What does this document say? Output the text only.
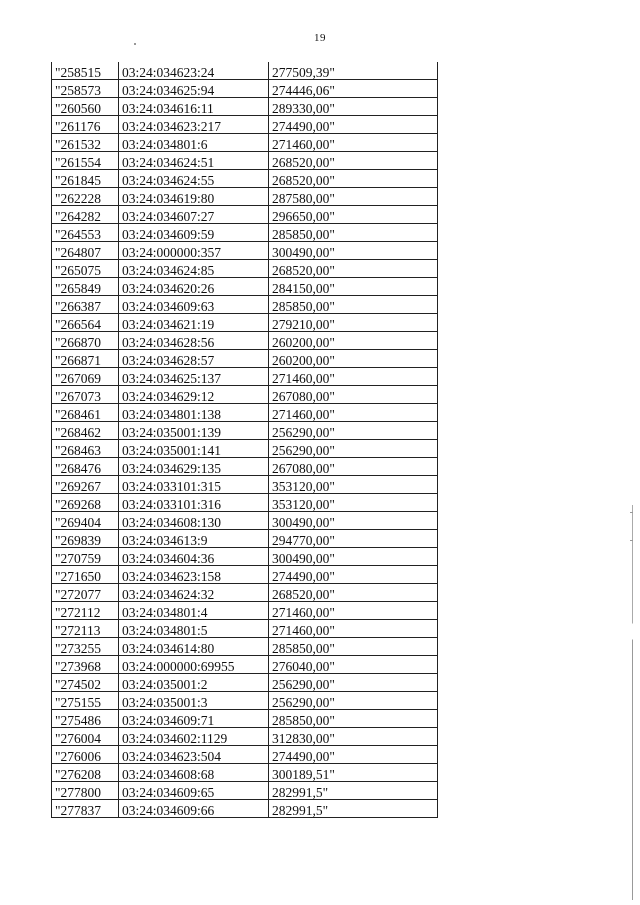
19
"258515	03:24:034623:24	277509,39"
"258573	03:24:034625:94	274446,06"
"260560	03:24:034616:11	289330,00"
"261176	03:24:034623:217	274490,00"
"261532	03:24:034801:6	271460,00"
"261554	03:24:034624:51	268520,00"
"261845	03:24:034624:55	268520,00"
"262228	03:24:034619:80	287580,00"
"264282	03:24:034607:27	296650,00"
"264553	03:24:034609:59	285850,00"
"264807	03:24:000000:357	300490,00"
"265075	03:24:034624:85	268520,00"
"265849	03:24:034620:26	284150,00"
"266387	03:24:034609:63	285850,00"
"266564	03:24:034621:19	279210,00"
"266870	03:24:034628:56	260200,00"
"266871	03:24:034628:57	260200,00"
"267069	03:24:034625:137	271460,00"
"267073	03:24:034629:12	267080,00"
"268461	03:24:034801:138	271460,00"
"268462	03:24:035001:139	256290,00"
"268463	03:24:035001:141	256290,00"
"268476	03:24:034629:135	267080,00"
"269267	03:24:033101:315	353120,00"
"269268	03:24:033101:316	353120,00"
"269404	03:24:034608:130	300490,00"
"269839	03:24:034613:9	294770,00"
"270759	03:24:034604:36	300490,00"
"271650	03:24:034623:158	274490,00"
"272077	03:24:034624:32	268520,00"
"272112	03:24:034801:4	271460,00"
"272113	03:24:034801:5	271460,00"
"273255	03:24:034614:80	285850,00"
"273968	03:24:000000:69955	276040,00"
"274502	03:24:035001:2	256290,00"
"275155	03:24:035001:3	256290,00"
"275486	03:24:034609:71	285850,00"
"276004	03:24:034602:1129	312830,00"
"276006	03:24:034623:504	274490,00"
"276208	03:24:034608:68	300189,51"
"277800	03:24:034609:65	282991,5"
"277837	03:24:034609:66	282991,5"
